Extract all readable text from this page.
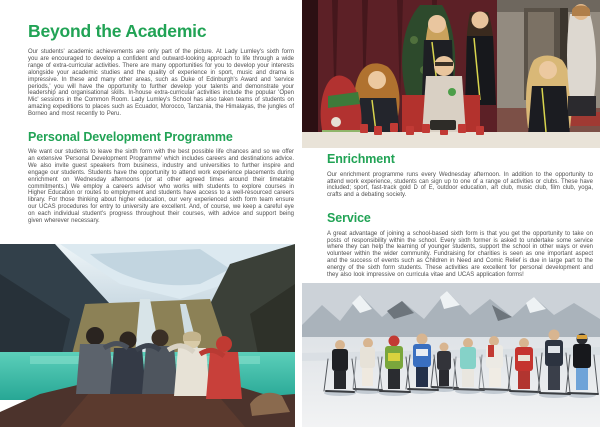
Beyond the Academic

Our students' academic achievements are only part of the picture. At Lady Lumley's sixth form you are encouraged to develop a confident and outward-looking approach to life through a wide range of extra-curricular activities. There are many opportunities for you to develop your interests alongside your academic studies and the quality of experience in sport, music and drama is impressive. In these and many other areas, such as Duke of Edinburgh's Award and 'service periods,' you will have the opportunity to further develop your talents and demonstrate your leadership and organisational skills. In-house extra-curricular activities include the popular 'Open Mic' sessions in the Common Room. Lady Lumley's School has also taken teams of students on amazing expeditions to places such as Ecuador, Morocco, Tanzania, the Himalayas, the jungles of Borneo and most recently to Peru.

Personal Development Programme

We want our students to leave the sixth form with the best possible life chances and so we offer an extensive 'Personal Development Programme' which includes careers and destinations advice. We also invite guest speakers from business, industry and universities to further inspire and engage our students. Students have the opportunity to attend work experience placements during enrichment on Wednesday afternoons (or at other agreed times around their timetable commitments.) We employ a careers advisor who works with students to explore courses in Higher Education or routes to employment and students have access to a well-resourced careers library. For those thinking about higher education, our very experienced sixth form team ensure our UCAS procedures for entry to university are excellent. And, of course, we keep a careful eye on each individual student's progress throughout their courses, with advice and support being given wherever necessary.

Enrichment

Our enrichment programme runs every Wednesday afternoon. In addition to the opportunity to attend work experience, students can sign up to one of a range of activities or clubs. These have included; sport, fast-track gold D of E, outdoor education, art club, music club, film club, yoga, crafts and a debating society.

Service

A great advantage of joining a school-based sixth form is that you get the opportunity to take on posts of responsibility within the school. Every sixth former is asked to undertake some service where they can help the learning of younger students, support the school in other ways or even volunteer within the wider community. Fundraising for charities is seen as one important aspect and the success of events such as Children in Need and Comic Relief is due in large part to the energy of the sixth form students. These activities are excellent for personal development and they also look impressive on curricula vitae and UCAS application forms!
